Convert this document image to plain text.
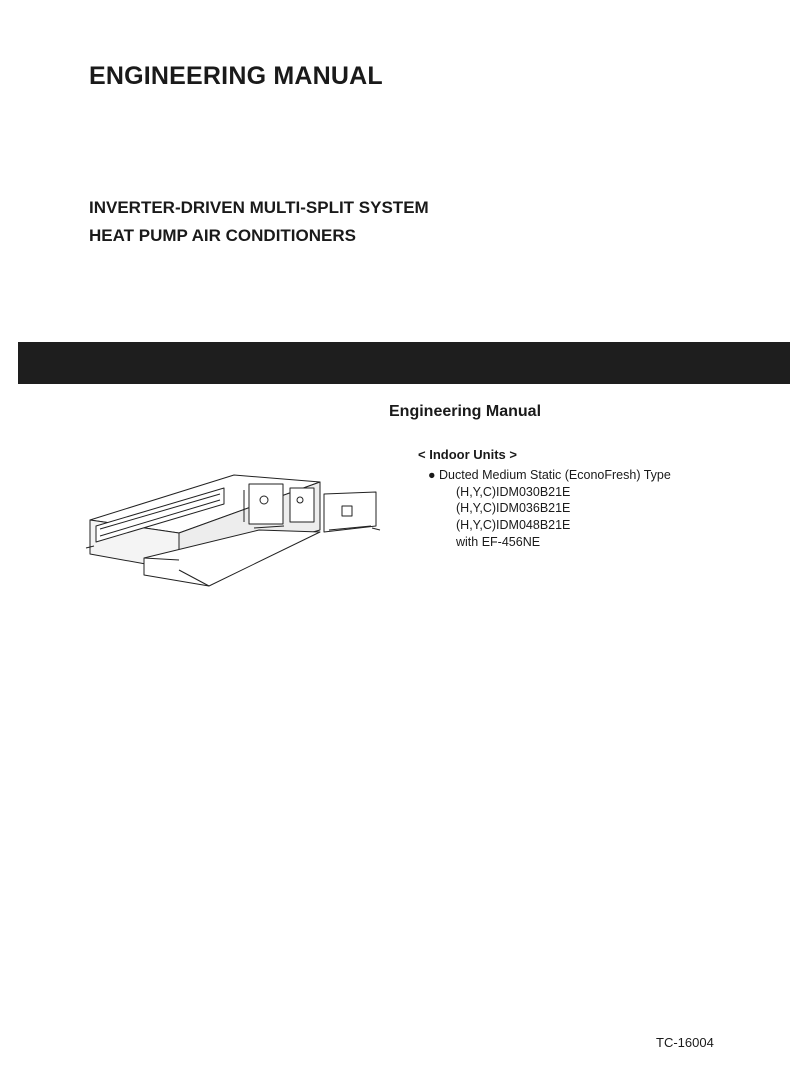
ENGINEERING MANUAL
INVERTER-DRIVEN MULTI-SPLIT SYSTEM
HEAT PUMP AIR CONDITIONERS
Engineering Manual

< Indoor Units >

● Ducted Medium Static (EconoFresh) Type

(H,Y,C)IDM030B21E

(H,Y,C)IDM036B21E

(H,Y,C)IDM048B21E

with EF-456NE

TC-16004
